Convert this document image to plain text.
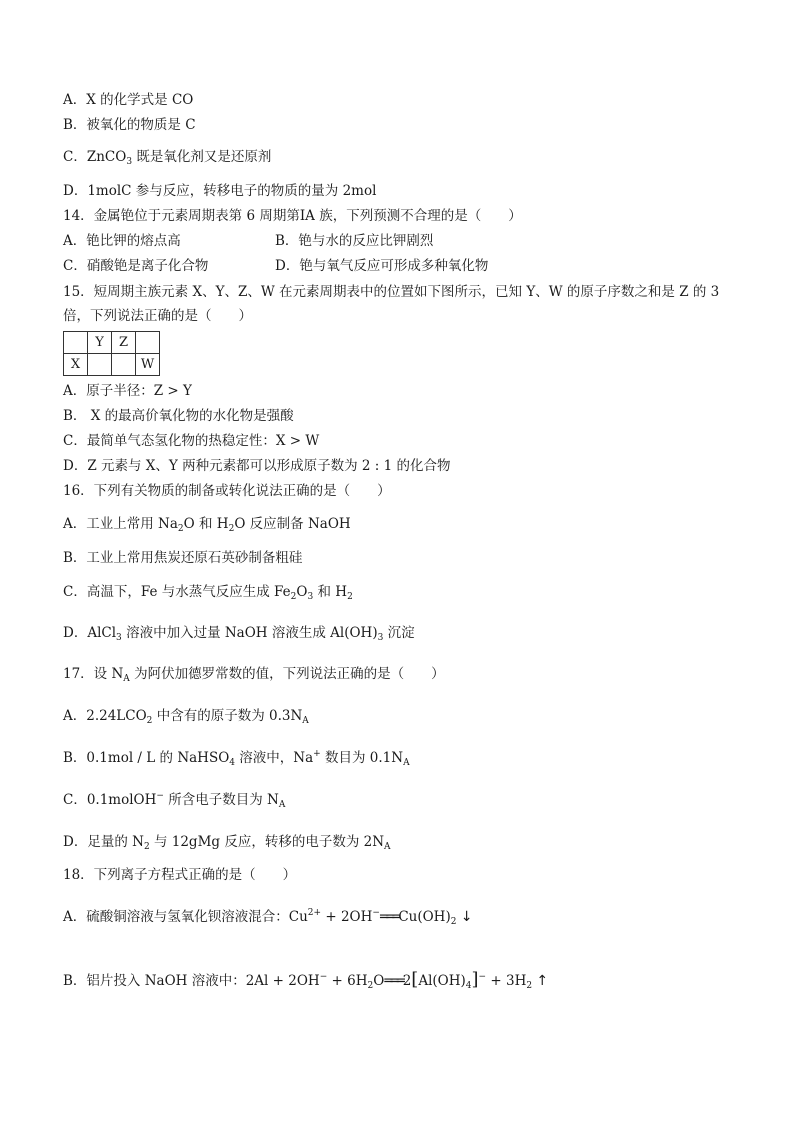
A．X 的化学式是 CO
B．被氧化的物质是 C
C．ZnCO$_3$ 既是氧化剂又是还原剂
D．1molC 参与反应，转移电子的物质的量为 2mol
14．金属铯位于元素周期表第 6 周期第ⅠA 族，下列预测不合理的是（　　）
A．铯比钾的熔点高	B．铯与水的反应比钾剧烈
C．硝酸铯是离子化合物	D．铯与氧气反应可形成多种氧化物
15．短周期主族元素 X、Y、Z、W 在元素周期表中的位置如下图所示，已知 Y、W 的原子序数之和是 Z 的 3
倍，下列说法正确的是（　　）
	Y	Z	
X			W
A．原子半径：Z > Y
B． X 的最高价氧化物的水化物是强酸
C．最简单气态氢化物的热稳定性：X > W
D．Z 元素与 X、Y 两种元素都可以形成原子数为 2 : 1 的化合物
16．下列有关物质的制备或转化说法正确的是（　　）
A．工业上常用 $Na_2O$ 和 $H_2O$ 反应制备 NaOH
B．工业上常用焦炭还原石英砂制备粗硅
C．高温下，Fe 与水蒸气反应生成 $Fe_2O_3$ 和 $H_2$
D．AlCl$_3$ 溶液中加入过量 NaOH 溶液生成 $Al(OH)_3$ 沉淀
17．设 $N_A$ 为阿伏加德罗常数的值，下列说法正确的是（　　）
A．$2.24LCO_2$ 中含有的原子数为 $0.3N_A$
B．0.1mol / L 的 NaHSO$_4$ 溶液中，Na+ 数目为 $0.1N_A$
C．0.1molOH− 所含电子数目为 $N_A$
D．足量的 $N_2$ 与 12gMg 反应，转移的电子数为 $2N_A$
18．下列离子方程式正确的是（　　）
A．硫酸铜溶液与氢氧化钡溶液混合：$Cu^{2+}$ + $2OH^-═══Cu(OH)_2$ ↓
B．铝片投入 NaOH 溶液中：$2Al + 2OH^- + 6H_2O═══2[Al(OH)_4]^- + 3H_2$ ↑
